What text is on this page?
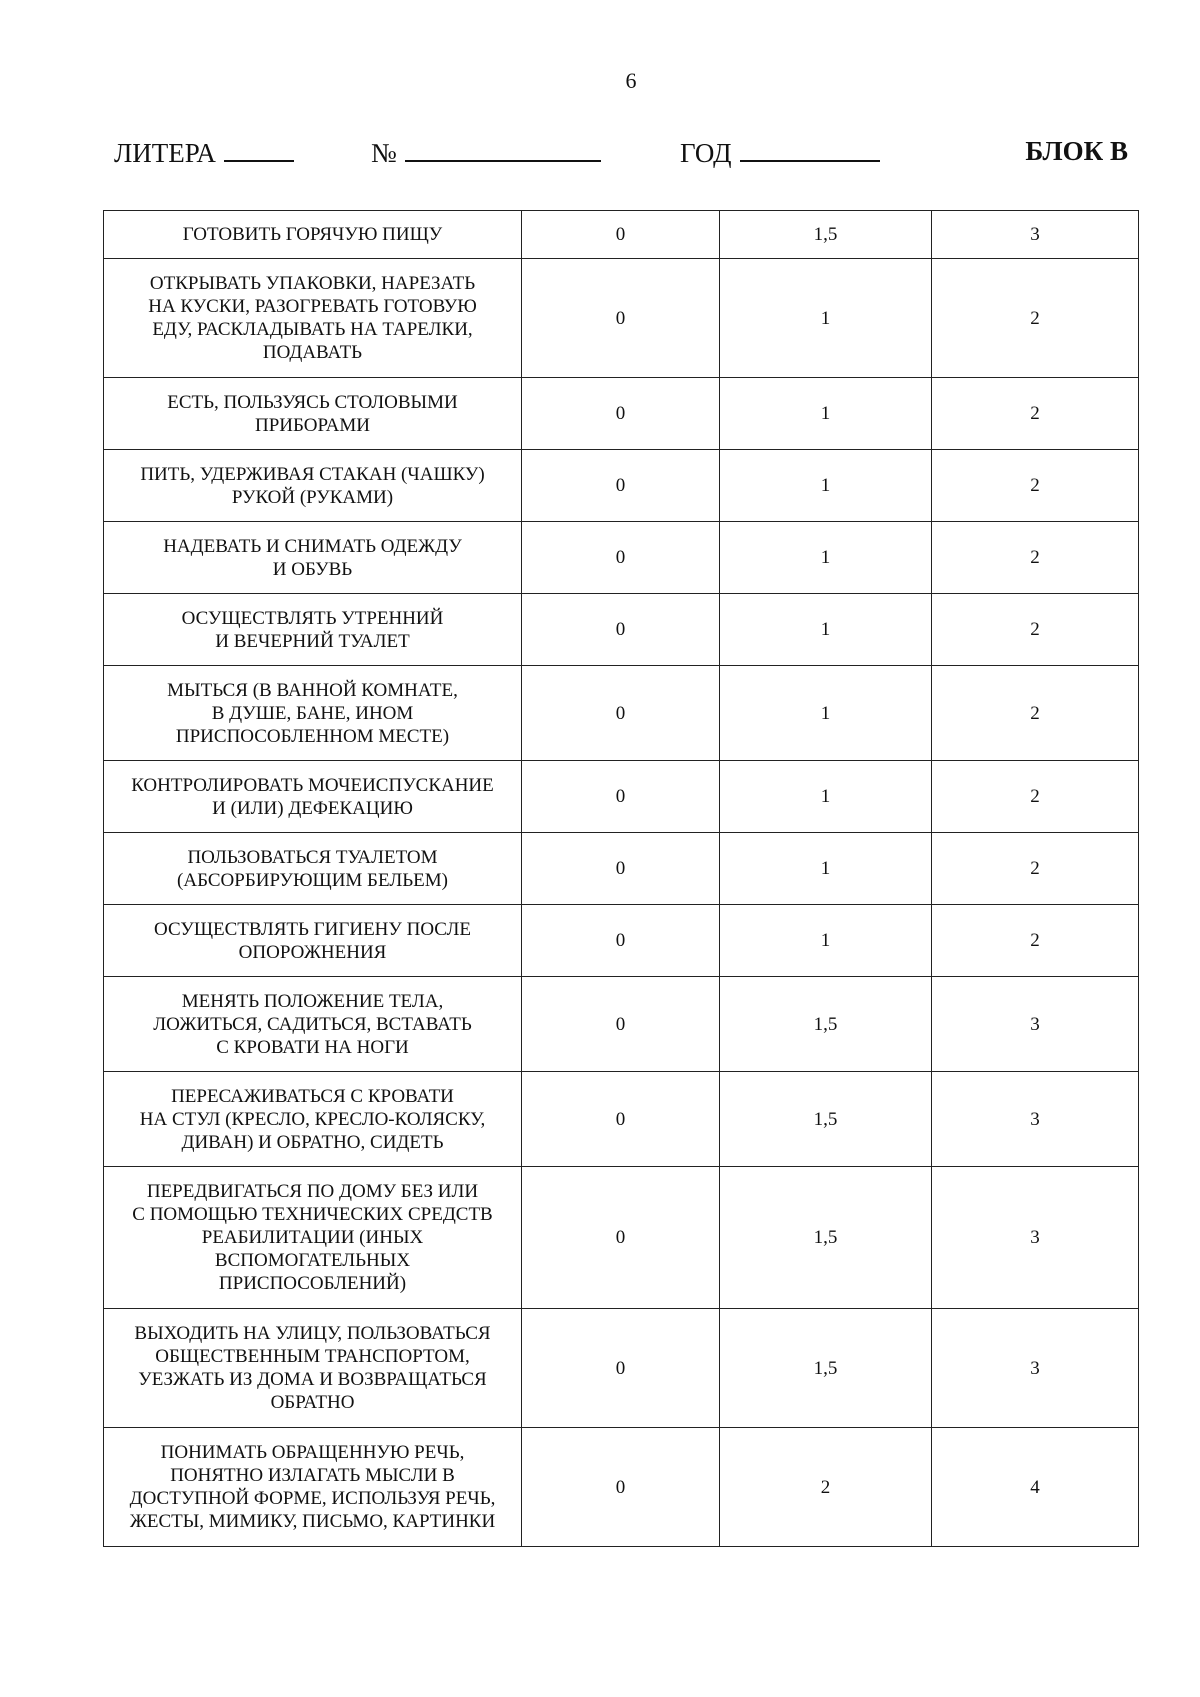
6
ЛИТЕРА	№	ГОД	БЛОК В
ГОТОВИТЬ ГОРЯЧУЮ ПИЩУ	0	1,5	3
ОТКРЫВАТЬ УПАКОВКИ, НАРЕЗАТЬ
НА КУСКИ, РАЗОГРЕВАТЬ ГОТОВУЮ
ЕДУ, РАСКЛАДЫВАТЬ НА ТАРЕЛКИ,
ПОДАВАТЬ	0	1	2
ЕСТЬ, ПОЛЬЗУЯСЬ СТОЛОВЫМИ
ПРИБОРАМИ	0	1	2
ПИТЬ, УДЕРЖИВАЯ СТАКАН (ЧАШКУ)
РУКОЙ (РУКАМИ)	0	1	2
НАДЕВАТЬ И СНИМАТЬ ОДЕЖДУ
И ОБУВЬ	0	1	2
ОСУЩЕСТВЛЯТЬ УТРЕННИЙ
И ВЕЧЕРНИЙ ТУАЛЕТ	0	1	2
МЫТЬСЯ (В ВАННОЙ КОМНАТЕ,
В ДУШЕ, БАНЕ, ИНОМ
ПРИСПОСОБЛЕННОМ МЕСТЕ)	0	1	2
КОНТРОЛИРОВАТЬ МОЧЕИСПУСКАНИЕ
И (ИЛИ) ДЕФЕКАЦИЮ	0	1	2
ПОЛЬЗОВАТЬСЯ ТУАЛЕТОМ
(АБСОРБИРУЮЩИМ БЕЛЬЕМ)	0	1	2
ОСУЩЕСТВЛЯТЬ ГИГИЕНУ ПОСЛЕ
ОПОРОЖНЕНИЯ	0	1	2
МЕНЯТЬ ПОЛОЖЕНИЕ ТЕЛА,
ЛОЖИТЬСЯ, САДИТЬСЯ, ВСТАВАТЬ
С КРОВАТИ НА НОГИ	0	1,5	3
ПЕРЕСАЖИВАТЬСЯ С КРОВАТИ
НА СТУЛ (КРЕСЛО, КРЕСЛО-КОЛЯСКУ,
ДИВАН) И ОБРАТНО, СИДЕТЬ	0	1,5	3
ПЕРЕДВИГАТЬСЯ ПО ДОМУ БЕЗ ИЛИ
С ПОМОЩЬЮ ТЕХНИЧЕСКИХ СРЕДСТВ
РЕАБИЛИТАЦИИ (ИНЫХ
ВСПОМОГАТЕЛЬНЫХ
ПРИСПОСОБЛЕНИЙ)	0	1,5	3
ВЫХОДИТЬ НА УЛИЦУ, ПОЛЬЗОВАТЬСЯ
ОБЩЕСТВЕННЫМ ТРАНСПОРТОМ,
УЕЗЖАТЬ ИЗ ДОМА И ВОЗВРАЩАТЬСЯ
ОБРАТНО	0	1,5	3
ПОНИМАТЬ ОБРАЩЕННУЮ РЕЧЬ,
ПОНЯТНО ИЗЛАГАТЬ МЫСЛИ В
ДОСТУПНОЙ ФОРМЕ, ИСПОЛЬЗУЯ РЕЧЬ,
ЖЕСТЫ, МИМИКУ, ПИСЬМО, КАРТИНКИ	0	2	4
